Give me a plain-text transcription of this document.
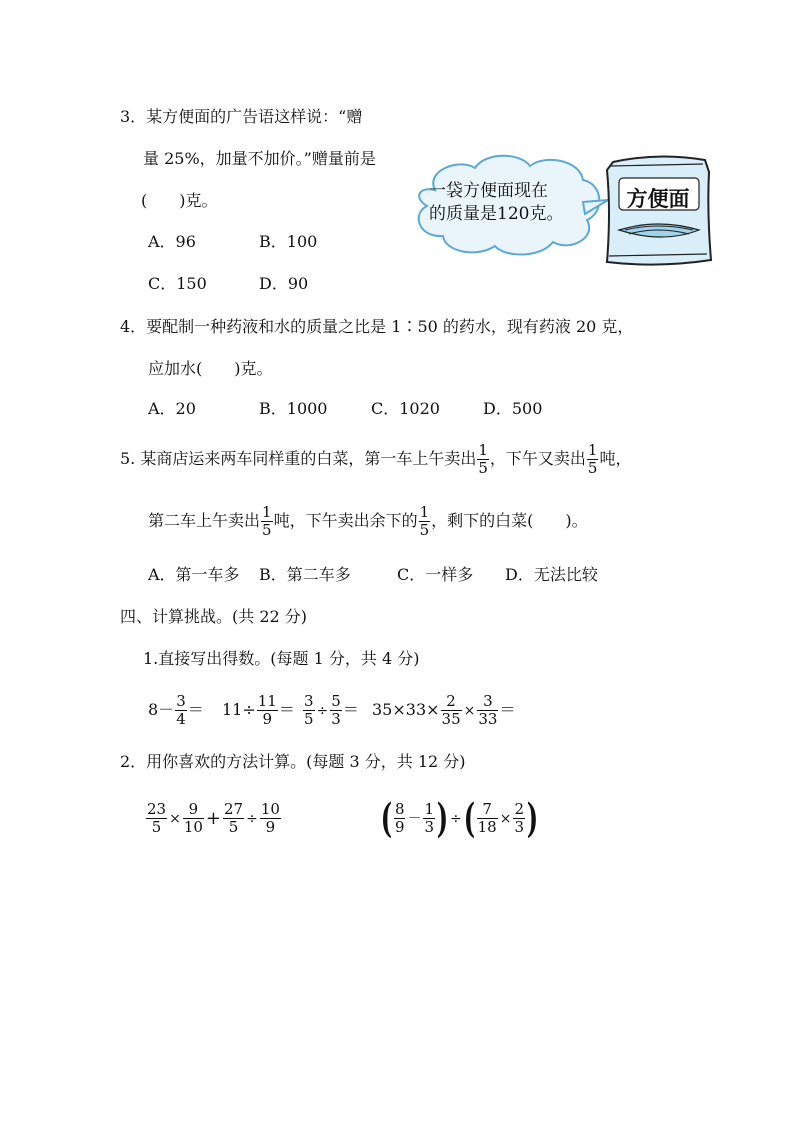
3．某方便面的广告语这样说：“赠
量 25%，加量不加价。”赠量前是
(　　)克。
A．96	B．100
C．150	D．90
一袋方便面现在
的质量是120克。
方便面
4．要配制一种药液和水的质量之比是 1∶50 的药水，现有药液 20 克，
应加水(　　)克。
A．20	B．1000	C．1020	D．500
5. 某商店运来两车同样重的白菜，第一车上午卖出 $\frac{1}{5}$ ，下午又卖出 $\frac{1}{5}$ 吨，
第二车上午卖出 $\frac{1}{5}$ 吨，下午卖出余下的 $\frac{1}{5}$ ，剩下的白菜(　　)。
A．第一车多 B．第二车多	C．一样多 D．无法比较
四、计算挑战。(共 22 分)
1.直接写出得数。(每题 1 分，共 4 分)
$8- \frac{3}{4} = 11\div \frac{11}{9} = \frac{3}{5} \div \frac{5}{3} = 35\times 33\times \frac{2}{35} \times \frac{3}{33}$ ＝
2．用你喜欢的方法计算。(每题 3 分，共 12 分)
$\frac{23}{5} \times \frac{9}{10} + \frac{27}{5} \div \frac{10}{9}$ ( $\frac{8}{9} - \frac{1}{3}$ ) ÷( $\frac{7}{18} \times \frac{2}{3}$ )
